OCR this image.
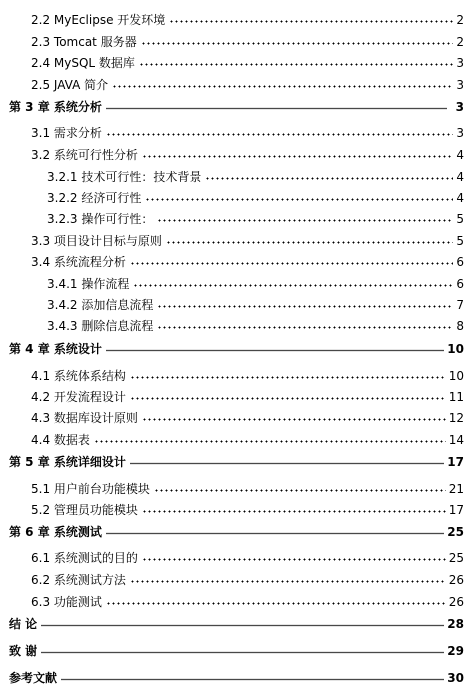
2.2 MyEclipse 开发环境	2
2.3 Tomcat 服务器	2
2.4 MySQL 数据库	3
2.5 JAVA 简介	3
第 3 章 系统分析	3
3.1 需求分析	3
3.2 系统可行性分析	4
3.2.1 技术可行性：技术背景	4
3.2.2 经济可行性	4
3.2.3 操作可行性：	5
3.3 项目设计目标与原则	5
3.4 系统流程分析	6
3.4.1 操作流程	6
3.4.2 添加信息流程	7
3.4.3 删除信息流程	8
第 4 章 系统设计	10
4.1 系统体系结构	10
4.2 开发流程设计	11
4.3 数据库设计原则	12
4.4 数据表	14
第 5 章 系统详细设计	17
5.1 用户前台功能模块	21
5.2 管理员功能模块	17
第 6 章 系统测试	25
6.1 系统测试的目的	25
6.2 系统测试方法	26
6.3 功能测试	26
结 论	28
致 谢	29
参考文献	30
